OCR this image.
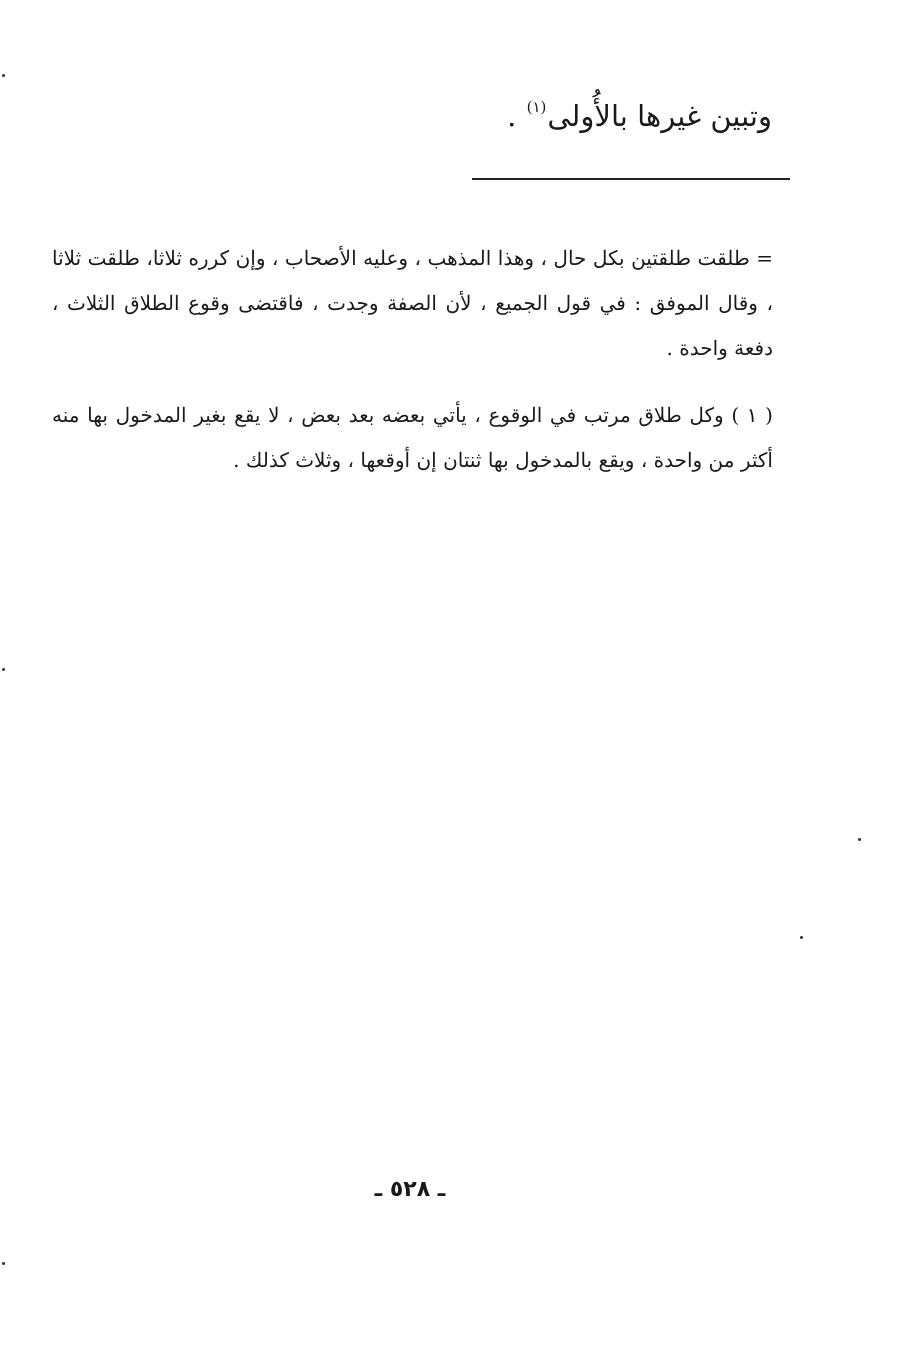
وتبين غيرها بالأُولى$^{(١)}$ .

= طلقت طلقتين بكل حال ، وهذا المذهب ، وعليه الأصحاب ، وإن كرره ثلاثا، طلقت ثلاثا ، وقال الموفق : في قول الجميع ، لأن الصفة وجدت ، فاقتضى وقوع الطلاق الثلاث ، دفعة واحدة .

( ١ ) وكل طلاق مرتب في الوقوع ، يأتي بعضه بعد بعض ، لا يقع بغير المدخول بها منه أكثر من واحدة ، ويقع بالمدخول بها ثنتان إن أوقعها ، وثلاث كذلك .

ـ ٥٢٨ ـ
